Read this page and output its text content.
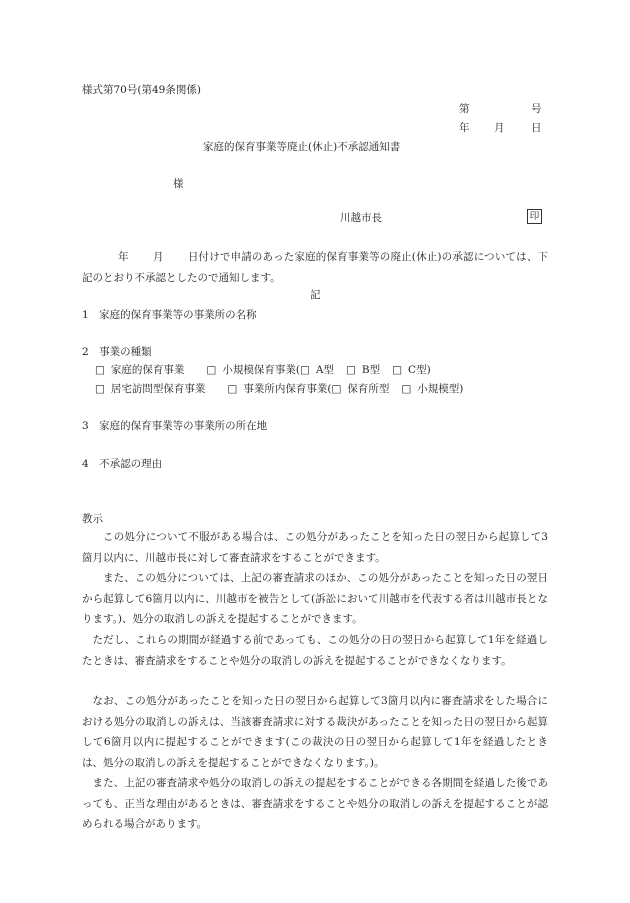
様式第70号(第49条関係)
第	号
年 月	日
家庭的保育事業等廃止(休止)不承認通知書
様
川越市長	印
年 月 日付けで申請のあった家庭的保育事業等の廃止(休止)の承認については、下記のとおり不承認としたので通知します。
記
1　家庭的保育事業等の事業所の名称
2　事業の種類
□ 家庭的保育事業 □ 小規模保育事業(□ A型 □ B型 □ C型)
□ 居宅訪問型保育事業 □ 事業所内保育事業(□ 保育所型 □ 小規模型)
3　家庭的保育事業等の事業所の所在地
4　不承認の理由
教示
この処分について不服がある場合は、この処分があったことを知った日の翌日から起算して3箇月以内に、川越市長に対して審査請求をすることができます。
また、この処分については、上記の審査請求のほか、この処分があったことを知った日の翌日から起算して6箇月以内に、川越市を被告として(訴訟において川越市を代表する者は川越市長となります。)、処分の取消しの訴えを提起することができます。
ただし、これらの期間が経過する前であっても、この処分の日の翌日から起算して1年を経過したときは、審査請求をすることや処分の取消しの訴えを提起することができなくなります。
なお、この処分があったことを知った日の翌日から起算して3箇月以内に審査請求をした場合における処分の取消しの訴えは、当該審査請求に対する裁決があったことを知った日の翌日から起算して6箇月以内に提起することができます(この裁決の日の翌日から起算して1年を経過したときは、処分の取消しの訴えを提起することができなくなります。)。
また、上記の審査請求や処分の取消しの訴えの提起をすることができる各期間を経過した後であっても、正当な理由があるときは、審査請求をすることや処分の取消しの訴えを提起することが認められる場合があります。
